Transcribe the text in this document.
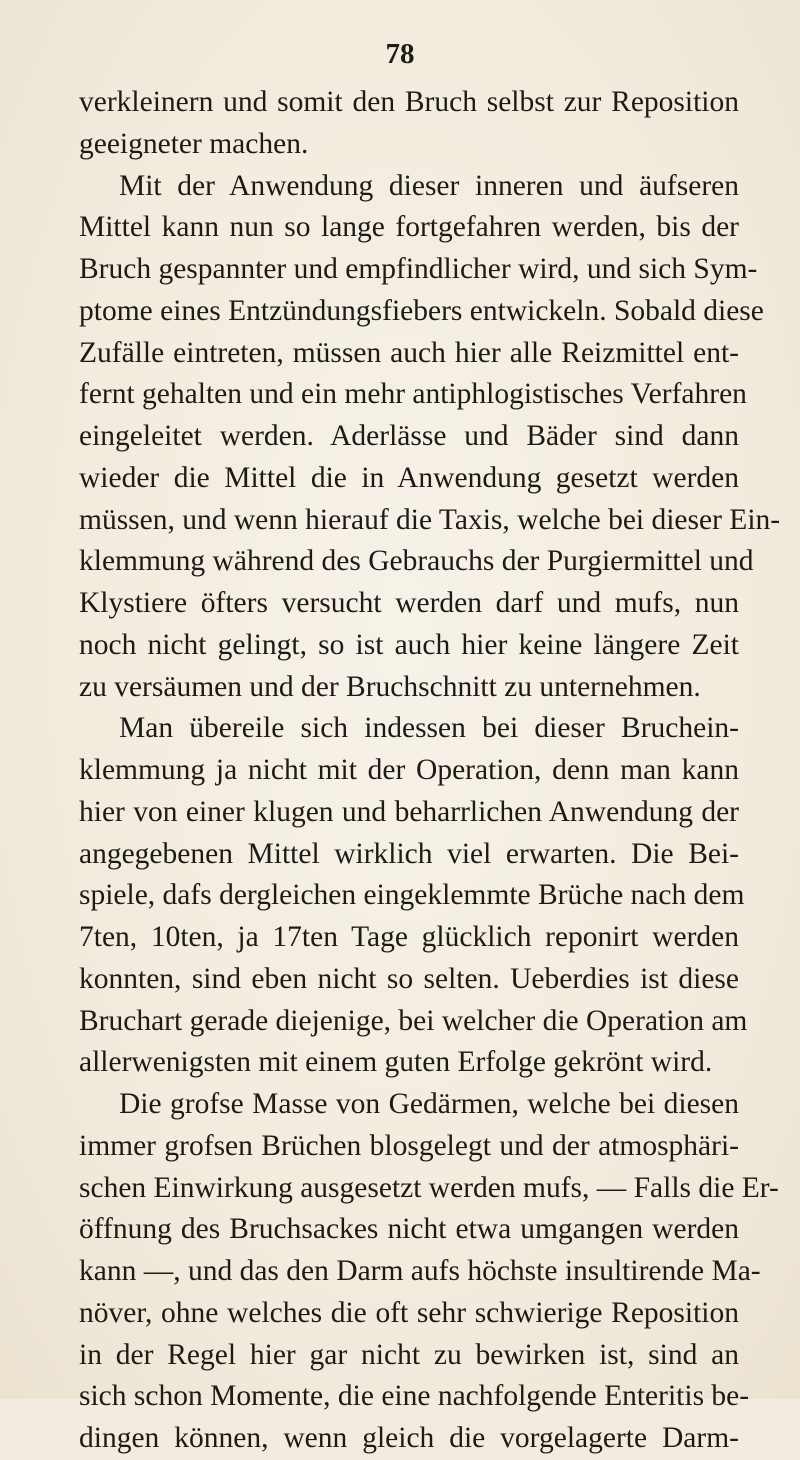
78
verkleinern und somit den Bruch selbst zur Reposition
geeigneter machen.
Mit der Anwendung dieser inneren und äufseren
Mittel kann nun so lange fortgefahren werden, bis der
Bruch gespannter und empfindlicher wird, und sich Sym-
ptome eines Entzündungsfiebers entwickeln. Sobald diese
Zufälle eintreten, müssen auch hier alle Reizmittel ent-
fernt gehalten und ein mehr antiphlogistisches Verfahren
eingeleitet werden. Aderlässe und Bäder sind dann
wieder die Mittel die in Anwendung gesetzt werden
müssen, und wenn hierauf die Taxis, welche bei dieser Ein-
klemmung während des Gebrauchs der Purgiermittel und
Klystiere öfters versucht werden darf und mufs, nun
noch nicht gelingt, so ist auch hier keine längere Zeit
zu versäumen und der Bruchschnitt zu unternehmen.
Man übereile sich indessen bei dieser Bruchein-
klemmung ja nicht mit der Operation, denn man kann
hier von einer klugen und beharrlichen Anwendung der
angegebenen Mittel wirklich viel erwarten. Die Bei-
spiele, dafs dergleichen eingeklemmte Brüche nach dem
7ten, 10ten, ja 17ten Tage glücklich reponirt werden
konnten, sind eben nicht so selten. Ueberdies ist diese
Bruchart gerade diejenige, bei welcher die Operation am
allerwenigsten mit einem guten Erfolge gekrönt wird.
Die grofse Masse von Gedärmen, welche bei diesen
immer grofsen Brüchen blosgelegt und der atmosphäri-
schen Einwirkung ausgesetzt werden mufs, — Falls die Er-
öffnung des Bruchsackes nicht etwa umgangen werden
kann —, und das den Darm aufs höchste insultirende Ma-
növer, ohne welches die oft sehr schwierige Reposition
in der Regel hier gar nicht zu bewirken ist, sind an
sich schon Momente, die eine nachfolgende Enteritis be-
dingen können, wenn gleich die vorgelagerte Darm-
